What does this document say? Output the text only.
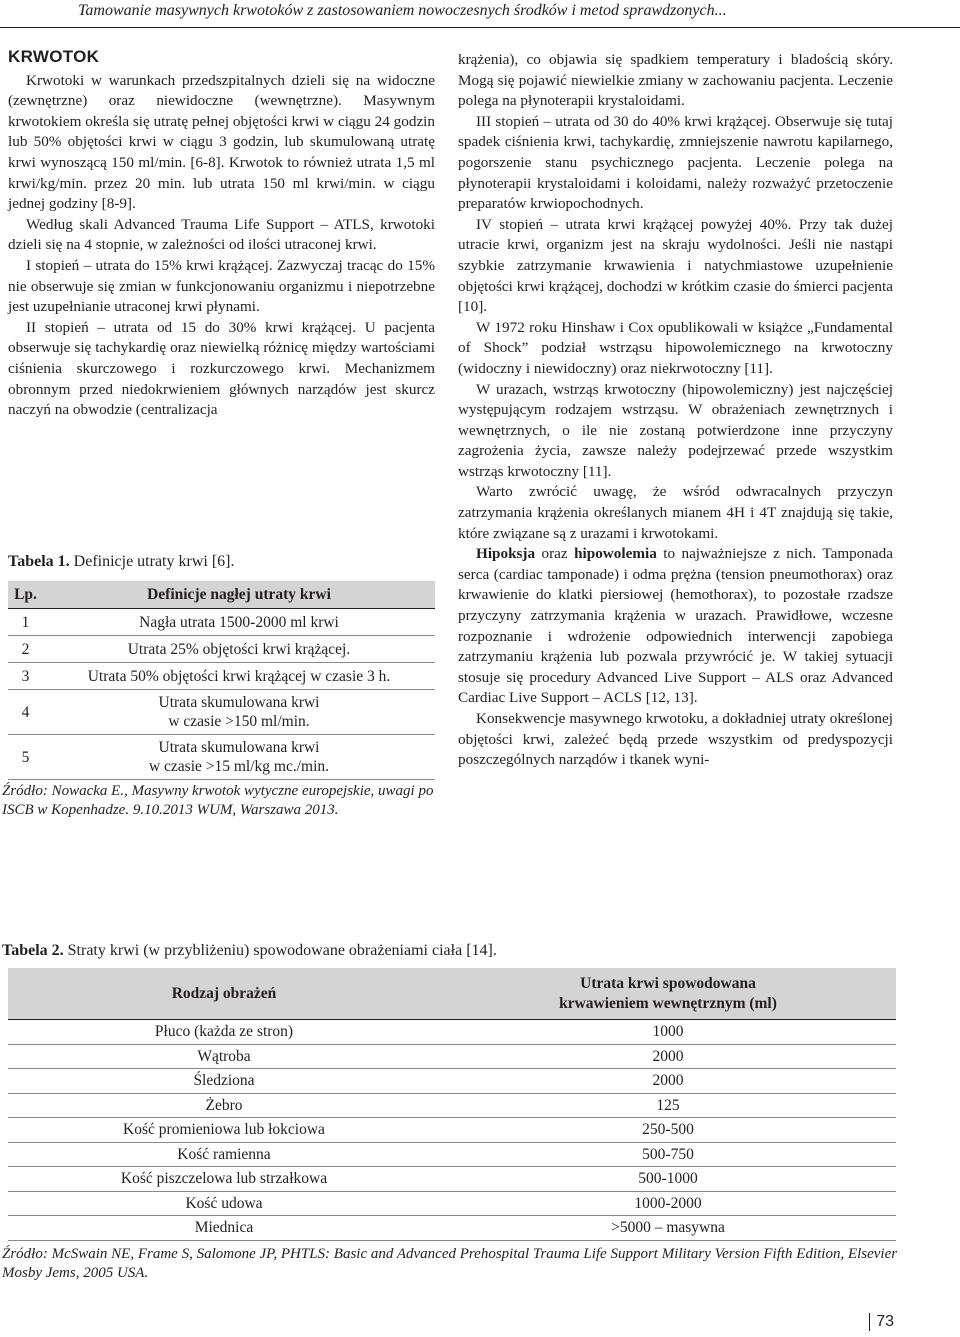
Tamowanie masywnych krwotoków z zastosowaniem nowoczesnych środków i metod sprawdzonych...
KRWOTOK

Krwotoki w warunkach przedszpitalnych dzieli się na widoczne (zewnętrzne) oraz niewidoczne (wewnętrzne). Masywnym krwotokiem określa się utratę pełnej objętości krwi w ciągu 24 godzin lub 50% objętości krwi w ciągu 3 godzin, lub skumulowaną utratę krwi wynoszącą 150 ml/min. [6-8]. Krwotok to również utrata 1,5 ml krwi/kg/min. przez 20 min. lub utrata 150 ml krwi/min. w ciągu jednej godziny [8-9].

Według skali Advanced Trauma Life Support – ATLS, krwotoki dzieli się na 4 stopnie, w zależności od ilości utraconej krwi.

I stopień – utrata do 15% krwi krążącej. Zazwyczaj tracąc do 15% nie obserwuje się zmian w funkcjonowaniu organizmu i niepotrzebne jest uzupełnianie utraconej krwi płynami.

II stopień – utrata od 15 do 30% krwi krążącej. U pacjenta obserwuje się tachykardię oraz niewielką różnicę między wartościami ciśnienia skurczowego i rozkurczowego krwi. Mechanizmem obronnym przed niedokrwieniem głównych narządów jest skurcz naczyń na obwodzie (centralizacja

krążenia), co objawia się spadkiem temperatury i bladością skóry. Mogą się pojawić niewielkie zmiany w zachowaniu pacjenta. Leczenie polega na płynoterapii krystaloidami.

III stopień – utrata od 30 do 40% krwi krążącej. Obserwuje się tutaj spadek ciśnienia krwi, tachykardię, zmniejszenie nawrotu kapilarnego, pogorszenie stanu psychicznego pacjenta. Leczenie polega na płynoterapii krystaloidami i koloidami, należy rozważyć przetoczenie preparatów krwiopochodnych.

IV stopień – utrata krwi krążącej powyżej 40%. Przy tak dużej utracie krwi, organizm jest na skraju wydolności. Jeśli nie nastąpi szybkie zatrzymanie krwawienia i natychmiastowe uzupełnienie objętości krwi krążącej, dochodzi w krótkim czasie do śmierci pacjenta [10].

W 1972 roku Hinshaw i Cox opublikowali w książce „Fundamental of Shock” podział wstrząsu hipowolemicznego na krwotoczny (widoczny i niewidoczny) oraz niekrwotoczny [11].

W urazach, wstrząs krwotoczny (hipowolemiczny) jest najczęściej występującym rodzajem wstrząsu. W obrażeniach zewnętrznych i wewnętrznych, o ile nie zostaną potwierdzone inne przyczyny zagrożenia życia, zawsze należy podejrzewać przede wszystkim wstrząs krwotoczny [11].

Warto zwrócić uwagę, że wśród odwracalnych przyczyn zatrzymania krążenia określanych mianem 4H i 4T znajdują się takie, które związane są z urazami i krwotokami.

Hipoksja oraz hipowolemia to najważniejsze z nich. Tamponada serca (cardiac tamponade) i odma prężna (tension pneumothorax) oraz krwawienie do klatki piersiowej (hemothorax), to pozostałe rzadsze przyczyny zatrzymania krążenia w urazach. Prawidłowe, wczesne rozpoznanie i wdrożenie odpowiednich interwencji zapobiega zatrzymaniu krążenia lub pozwala przywrócić je. W takiej sytuacji stosuje się procedury Advanced Live Support – ALS oraz Advanced Cardiac Live Support – ACLS [12, 13].

Konsekwencje masywnego krwotoku, a dokładniej utraty określonej objętości krwi, zależeć będą przede wszystkim od predyspozycji poszczególnych narządów i tkanek wyni-

Tabela 1. Definicje utraty krwi [6].
Lp.	Definicje nagłej utraty krwi
1	Nagła utrata 1500-2000 ml krwi
2	Utrata 25% objętości krwi krążącej.
3	Utrata 50% objętości krwi krążącej w czasie 3 h.
4	Utrata skumulowana krwi
w czasie >150 ml/min.

5	Utrata skumulowana krwi
w czasie >15 ml/kg mc./min.
Źródło: Nowacka E., Masywny krwotok wytyczne europejskie, uwagi po ISCB w Kopenhadze. 9.10.2013 WUM, Warszawa 2013.
Tabela 2. Straty krwi (w przybliżeniu) spowodowane obrażeniami ciała [14].
Rodzaj obrażeń	Utrata krwi spowodowana
krwawieniem wewnętrznym (ml)

Płuco (każda ze stron)	1000
Wątroba	2000
Śledziona	2000
Żebro	125
Kość promieniowa lub łokciowa	250-500
Kość ramienna	500-750
Kość piszczelowa lub strzałkowa	500-1000
Kość udowa	1000-2000
Miednica	>5000 – masywna
Źródło: McSwain NE, Frame S, Salomone JP, PHTLS: Basic and Advanced Prehospital Trauma Life Support Military Version Fifth Edition, Elsevier Mosby Jems, 2005 USA.
73
